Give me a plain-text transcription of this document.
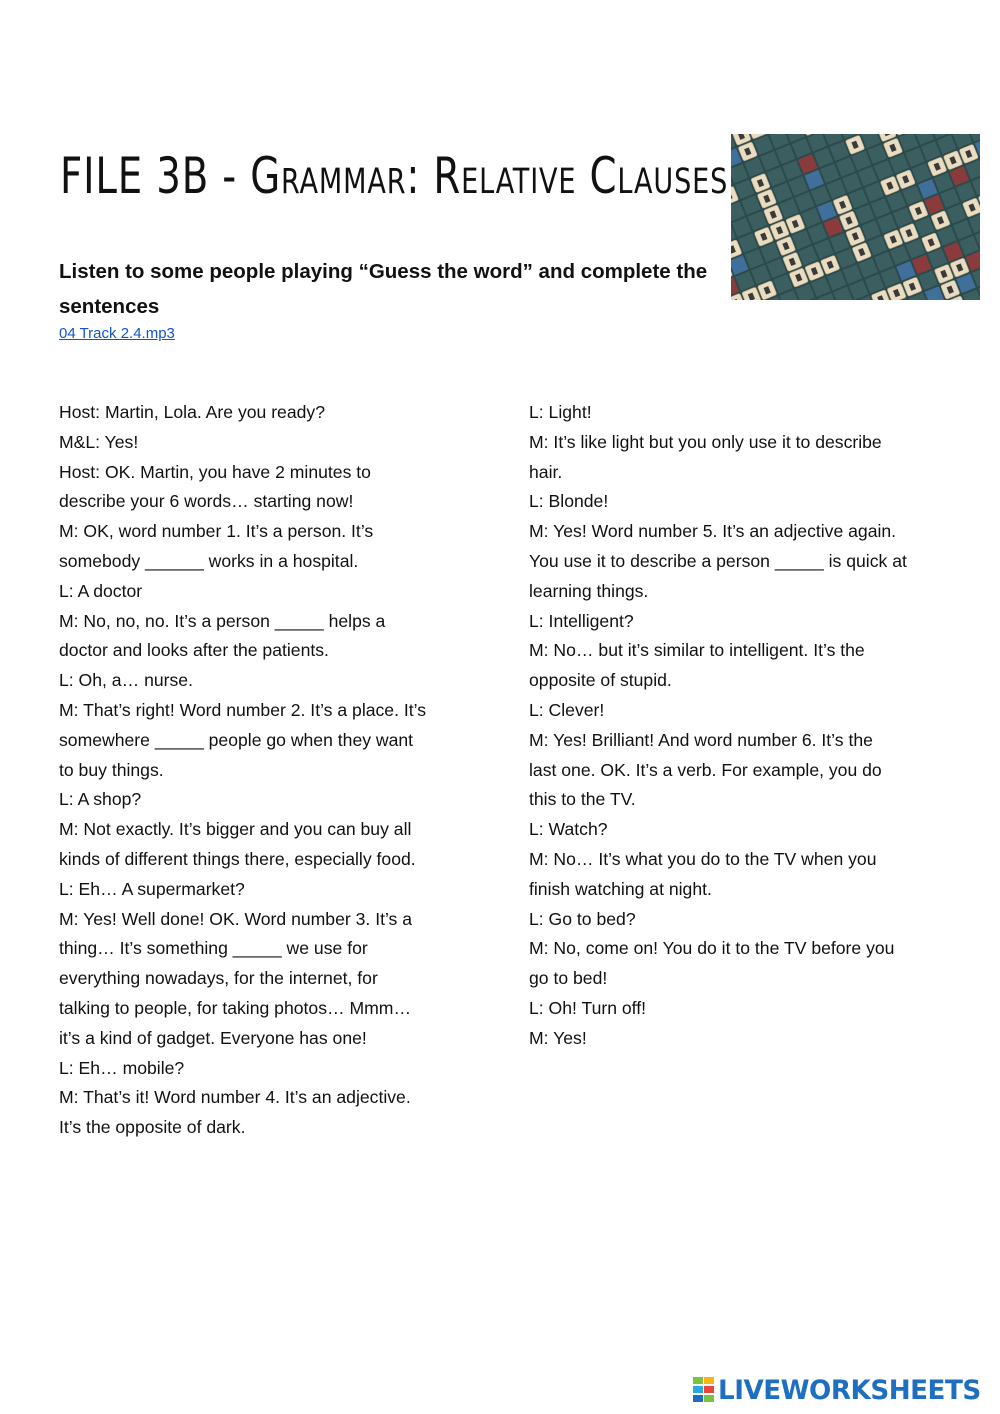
FILE 3B - Grammar: Relative Clauses
Listen to some people playing “Guess the word” and complete the sentences
04 Track 2.4.mp3
Host: Martin, Lola. Are you ready?
M&L: Yes!
Host: OK. Martin, you have 2 minutes to
describe your 6 words… starting now!
M: OK, word number 1. It’s a person. It’s
somebody ______ works in a hospital.
L: A doctor
M: No, no, no. It’s a person _____ helps a
doctor and looks after the patients.
L: Oh, a… nurse.
M: That’s right! Word number 2. It’s a place. It’s
somewhere _____ people go when they want
to buy things.
L: A shop?
M: Not exactly. It’s bigger and you can buy all
kinds of different things there, especially food.
L: Eh… A supermarket?
M: Yes! Well done! OK. Word number 3. It’s a
thing… It’s something _____ we use for
everything nowadays, for the internet, for
talking to people, for taking photos… Mmm…
it’s a kind of gadget. Everyone has one!
L: Eh… mobile?
M: That’s it! Word number 4. It’s an adjective.
It’s the opposite of dark.
L: Light!
M: It’s like light but you only use it to describe
hair.
L: Blonde!
M: Yes! Word number 5. It’s an adjective again.
You use it to describe a person _____ is quick at
learning things.
L: Intelligent?
M: No… but it’s similar to intelligent. It’s the
opposite of stupid.
L: Clever!
M: Yes! Brilliant! And word number 6. It’s the
last one. OK. It’s a verb. For example, you do
this to the TV.
L: Watch?
M: No… It’s what you do to the TV when you
finish watching at night.
L: Go to bed?
M: No, come on! You do it to the TV before you
go to bed!
L: Oh! Turn off!
M: Yes!
LIVEWORKSHEETS
